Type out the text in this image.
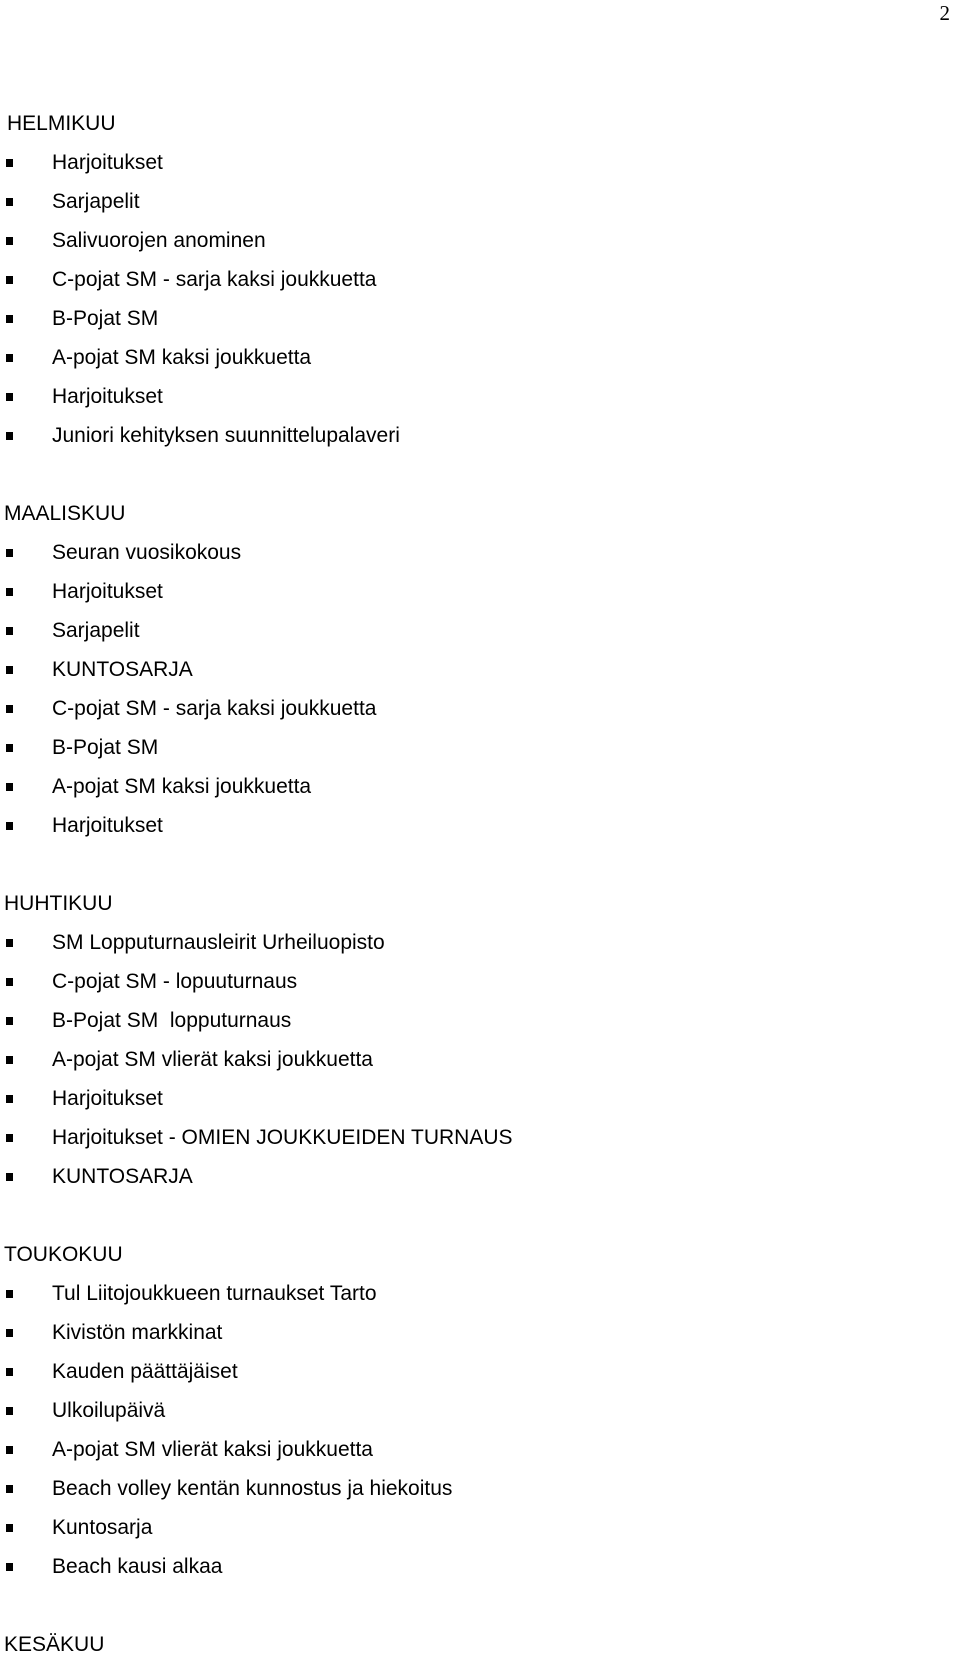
2
HELMIKUU
Harjoitukset
Sarjapelit
Salivuorojen anominen
C-pojat SM - sarja kaksi joukkuetta
B-Pojat SM
A-pojat SM kaksi joukkuetta
Harjoitukset
Juniori kehityksen suunnittelupalaveri
MAALISKUU
Seuran vuosikokous
Harjoitukset
Sarjapelit
KUNTOSARJA
C-pojat SM - sarja kaksi joukkuetta
B-Pojat SM
A-pojat SM kaksi joukkuetta
Harjoitukset
HUHTIKUU
SM Lopputurnausleirit Urheiluopisto
C-pojat SM - lopuuturnaus
B-Pojat SM  lopputurnaus
A-pojat SM vlierät kaksi joukkuetta
Harjoitukset
Harjoitukset - OMIEN JOUKKUEIDEN TURNAUS
KUNTOSARJA
TOUKOKUU
Tul Liitojoukkueen turnaukset Tarto
Kivistön markkinat
Kauden päättäjäiset
Ulkoilupäivä
A-pojat SM vlierät kaksi joukkuetta
Beach volley kentän kunnostus ja hiekoitus
Kuntosarja
Beach kausi alkaa
KESÄKUU
